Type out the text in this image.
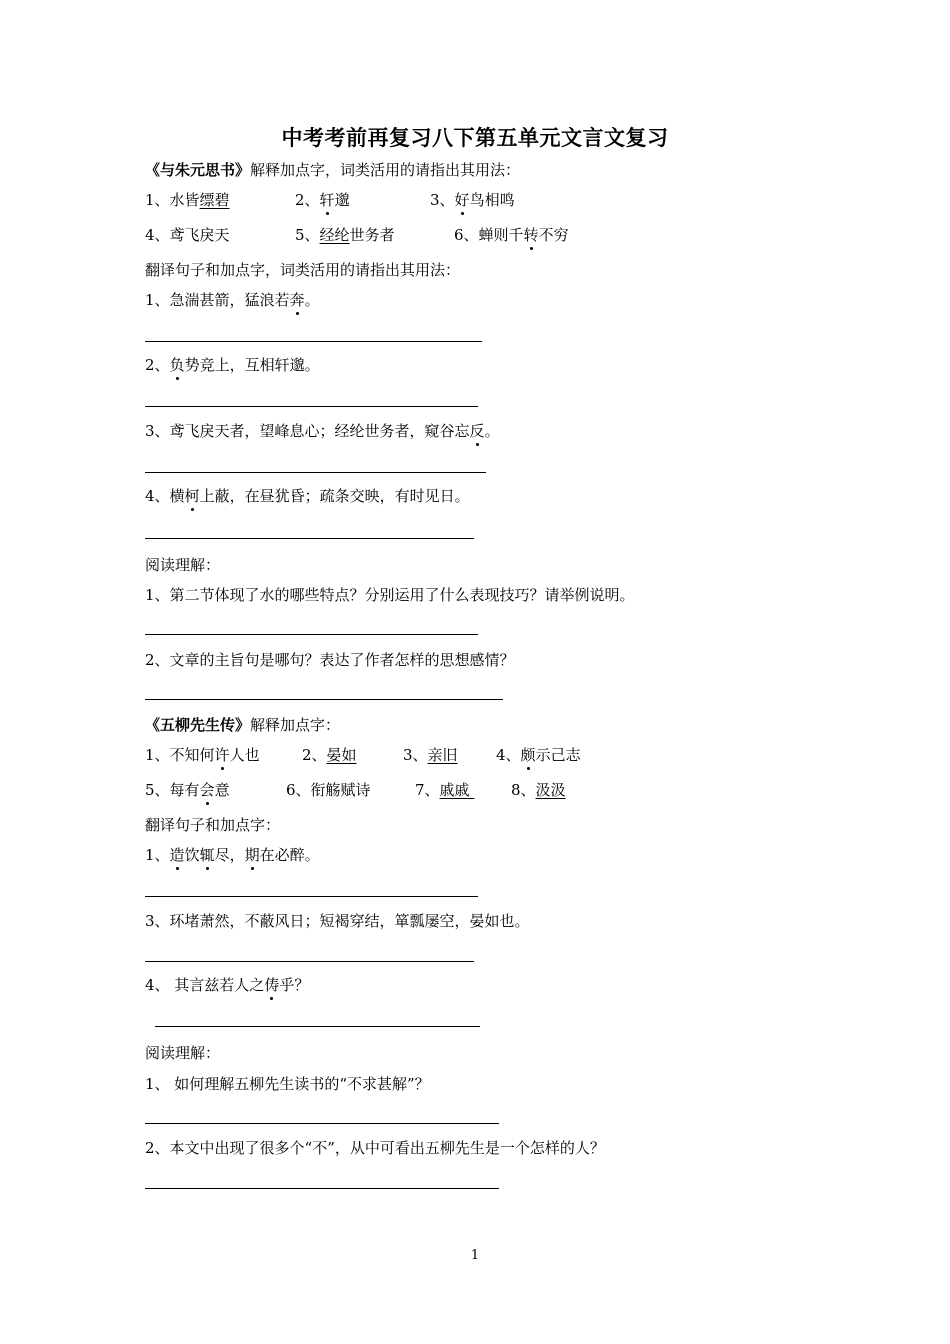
中考考前再复习八下第五单元文言文复习
《与朱元思书》解释加点字，词类活用的请指出其用法：
1、水皆缥碧	2、轩邈	3、好鸟相鸣
4、鸢飞戾天	5、经纶世务者	6、蝉则千转不穷
翻译句子和加点字，词类活用的请指出其用法：
1、急湍甚箭，猛浪若奔。
2、负势竞上，互相轩邈。
3、鸢飞戾天者，望峰息心；经纶世务者，窥谷忘反。
4、横柯上蔽，在昼犹昏；疏条交映，有时见日。
阅读理解：
1、第二节体现了水的哪些特点？分别运用了什么表现技巧？请举例说明。
2、文章的主旨句是哪句？表达了作者怎样的思想感情？
《五柳先生传》解释加点字：
1、不知何许人也	2、晏如	3、亲旧	4、颇示己志
5、每有会意	6、衔觞赋诗	7、戚戚 8、汲汲
翻译句子和加点字：
1、造饮辄尽，期在必醉。
3、环堵萧然，不蔽风日；短褐穿结，箪瓢屡空，晏如也。
4、 其言兹若人之俦乎？
阅读理解：
1、 如何理解五柳先生读书的“不求甚解”？
2、本文中出现了很多个“不”，从中可看出五柳先生是一个怎样的人？
1
